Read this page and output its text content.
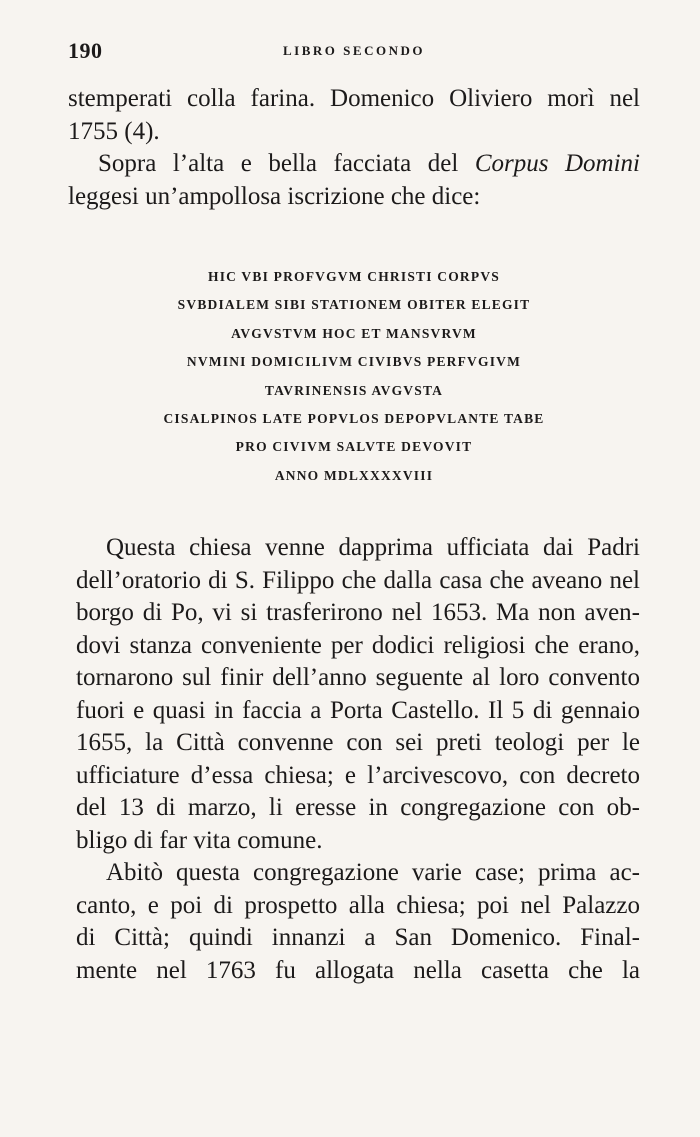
190	LIBRO SECONDO

stemperati colla farina. Domenico Oliviero morì nel
1755 (4).

Sopra l’alta e bella facciata del Corpus Domini
leggesi un’ampollosa iscrizione che dice:

HIC VBI PROFVGVM CHRISTI CORPVS
SVBDIALEM SIBI STATIONEM OBITER ELEGIT
AVGVSTVM HOC ET MANSVRVM
NVMINI DOMICILIVM CIVIBVS PERFVGIVM
TAVRINENSIS AVGVSTA
CISALPINOS LATE POPVLOS DEPOPVLANTE TABE
PRO CIVIVM SALVTE DEVOVIT
ANNO MDLXXXXVIII

Questa chiesa venne dapprima ufficiata dai Padri
dell’oratorio di S. Filippo che dalla casa che aveano nel
borgo di Po, vi si trasferirono nel 1653. Ma non aven-
dovi stanza conveniente per dodici religiosi che erano,
tornarono sul finir dell’anno seguente al loro convento
fuori e quasi in faccia a Porta Castello. Il 5 di gennaio
1655, la Città convenne con sei preti teologi per le
ufficiature d’essa chiesa; e l’arcivescovo, con decreto
del 13 di marzo, li eresse in congregazione con ob-
bligo di far vita comune.

Abitò questa congregazione varie case; prima ac-
canto, e poi di prospetto alla chiesa; poi nel Palazzo
di Città; quindi innanzi a San Domenico. Final-
mente nel 1763 fu allogata nella casetta che la
